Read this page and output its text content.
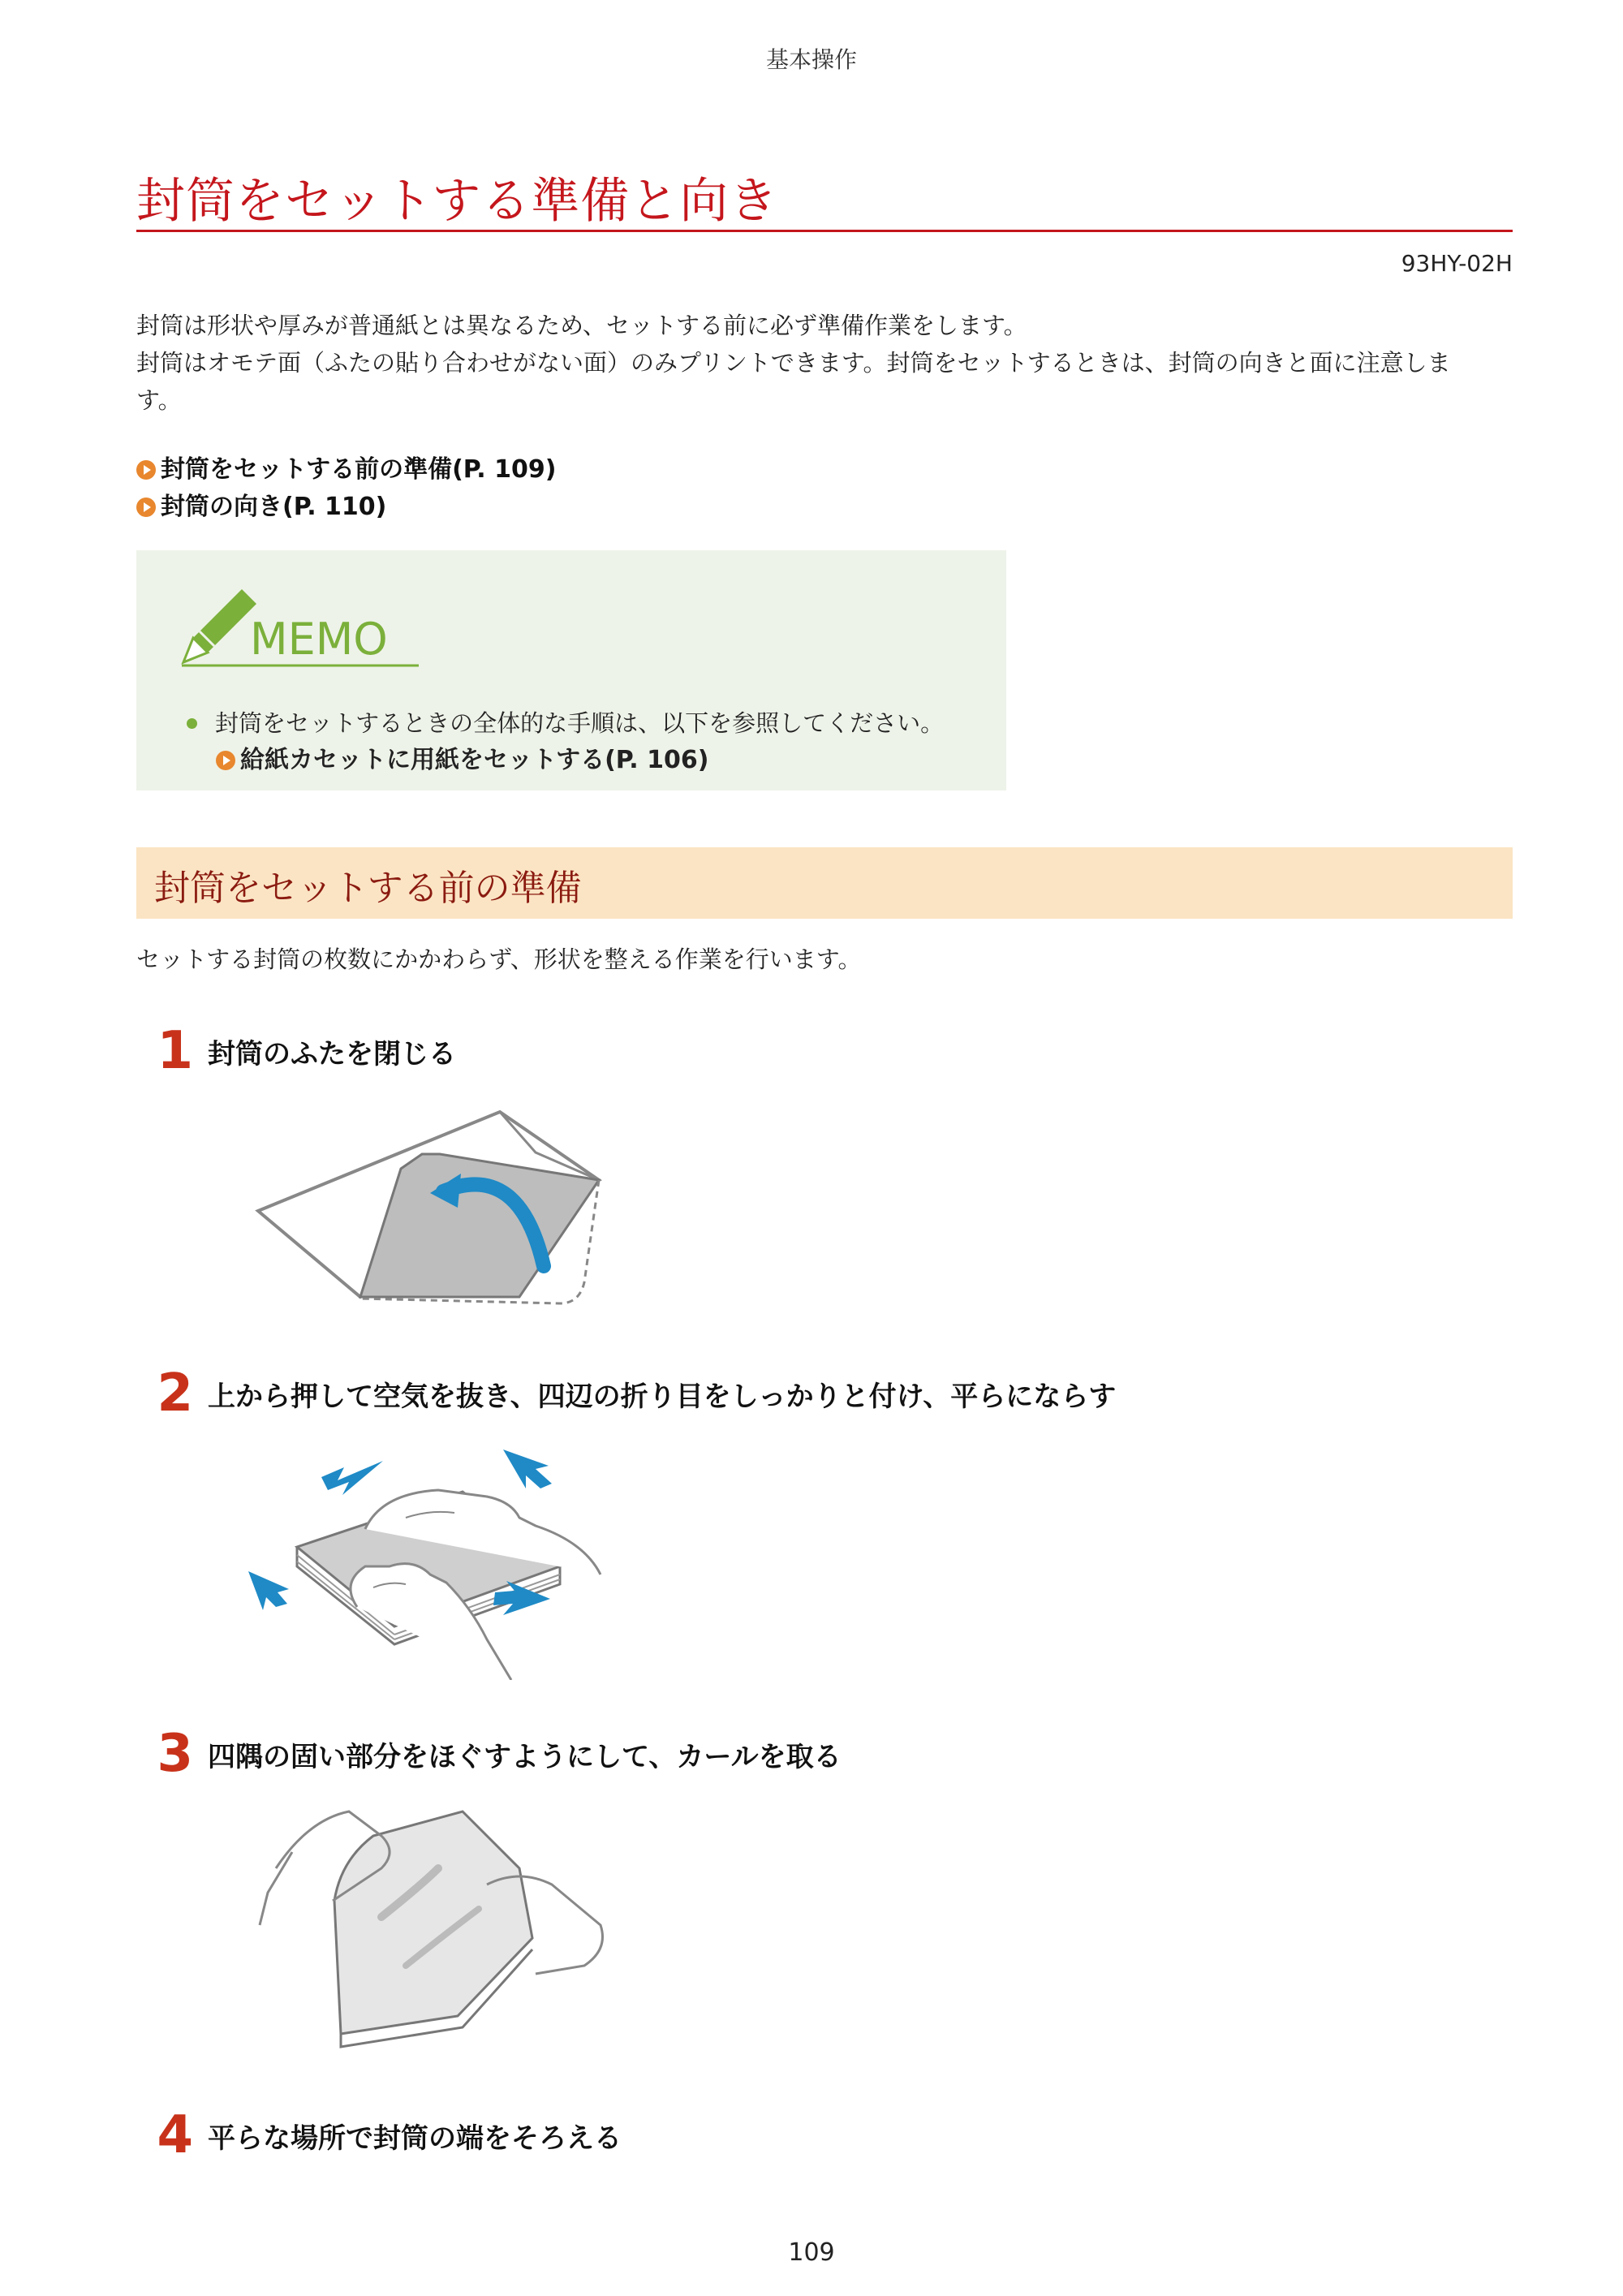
基本操作
封筒をセットする準備と向き
93HY-02H

封筒は形状や厚みが普通紙とは異なるため、セットする前に必ず準備作業をします。

封筒はオモテ面（ふたの貼り合わせがない面）のみプリントできます。封筒をセットするときは、封筒の向きと面に注意しま

す。

封筒をセットする前の準備(P. 109)
封筒の向き(P. 110)
MEMO
封筒をセットするときの全体的な手順は、以下を参照してください。
給紙カセットに用紙をセットする(P. 106)
封筒をセットする前の準備
セットする封筒の枚数にかかわらず、形状を整える作業を行います。
1 封筒のふたを閉じる
2 上から押して空気を抜き、四辺の折り目をしっかりと付け、平らにならす
3 四隅の固い部分をほぐすようにして、カールを取る
4 平らな場所で封筒の端をそろえる
109
